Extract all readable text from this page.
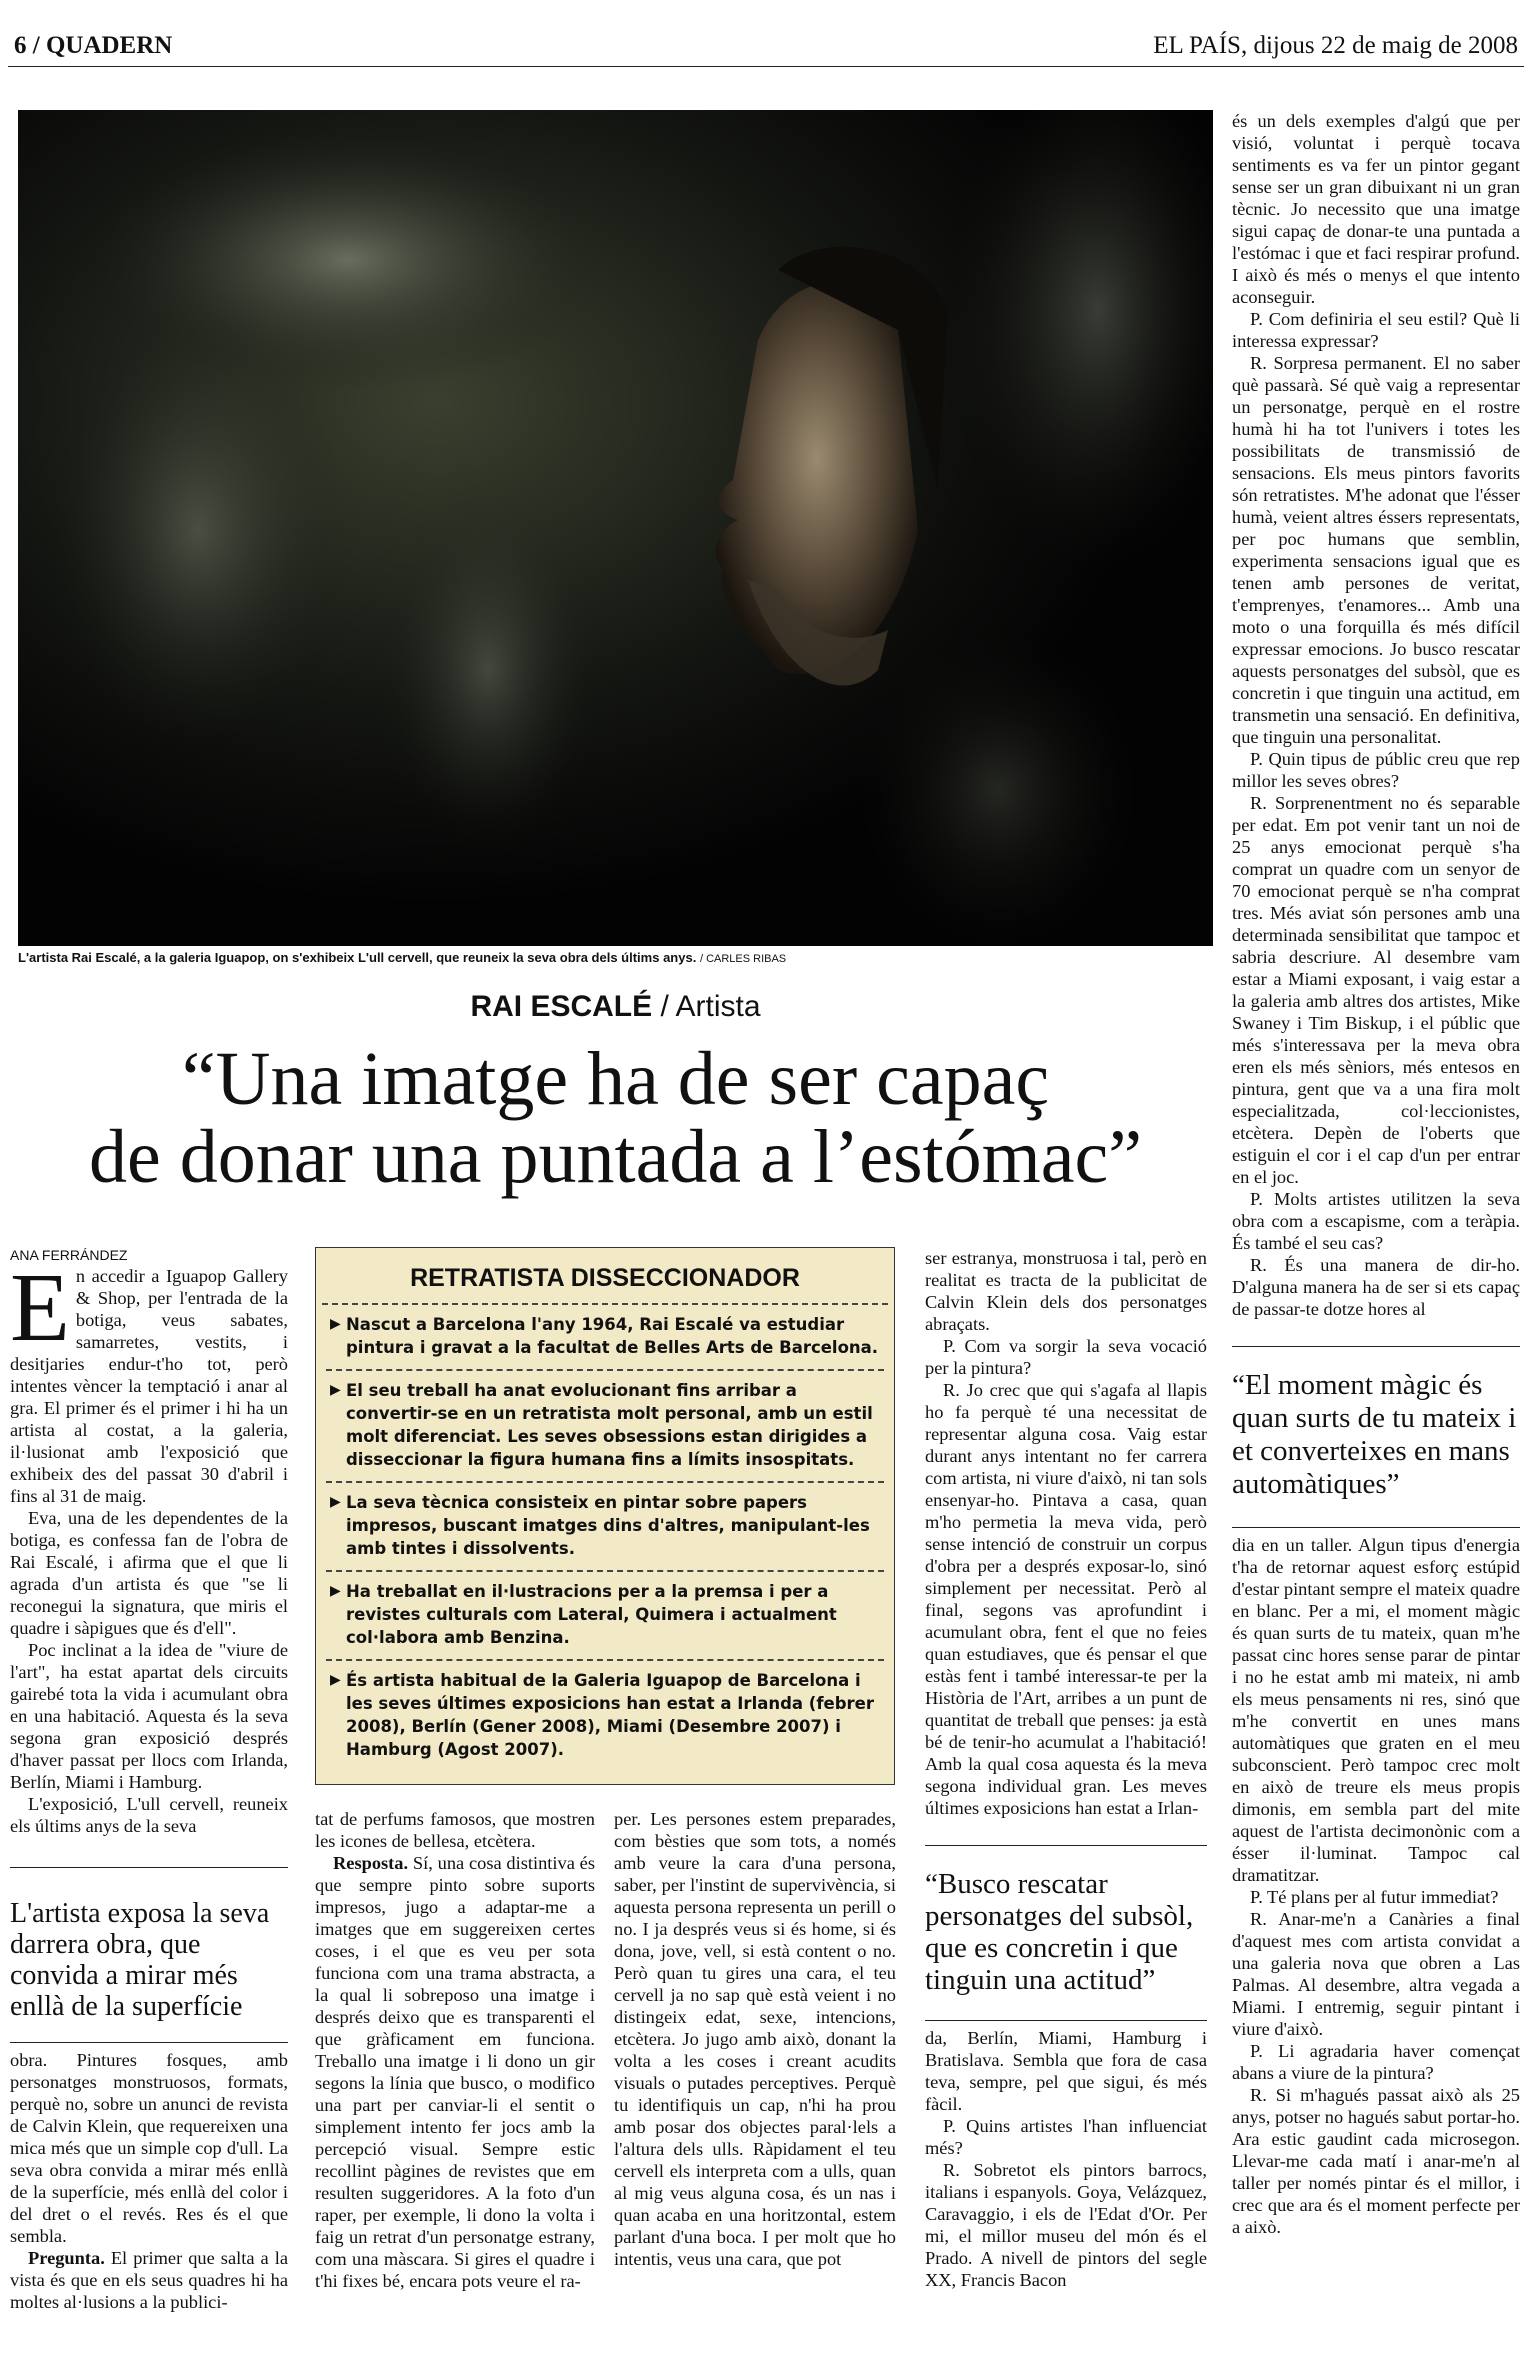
6 / QUADERN	EL PAÍS, dijous 22 de maig de 2008
L'artista Rai Escalé, a la galeria Iguapop, on s'exhibeix L'ull cervell, que reuneix la seva obra dels últims anys. / CARLES RIBAS
RAI ESCALÉ / Artista
“Una imatge ha de ser capaç
de donar una puntada a l’estómac”
ANA FERRÁNDEZ

En accedir a Iguapop Gallery & Shop, per l'entrada de la botiga, veus sabates, samarretes, vestits, i desitjaries endur-t'ho tot, però intentes vèncer la temptació i anar al gra. El primer és el primer i hi ha un artista al costat, a la galeria, il·lusionat amb l'exposició que exhibeix des del passat 30 d'abril i fins al 31 de maig.

Eva, una de les dependentes de la botiga, es confessa fan de l'obra de Rai Escalé, i afirma que el que li agrada d'un artista és que "se li reconegui la signatura, que miris el quadre i sàpigues que és d'ell".

Poc inclinat a la idea de "viure de l'art", ha estat apartat dels circuits gairebé tota la vida i acumulant obra en una habitació. Aquesta és la seva segona gran exposició després d'haver passat per llocs com Irlanda, Berlín, Miami i Hamburg.

L'exposició, L'ull cervell, reuneix els últims anys de la seva

L'artista exposa la seva darrera obra, que convida a mirar més enllà de la superfície

obra. Pintures fosques, amb personatges monstruosos, formats, perquè no, sobre un anunci de revista de Calvin Klein, que requereixen una mica més que un simple cop d'ull. La seva obra convida a mirar més enllà de la superfície, més enllà del color i del dret o el revés. Res és el que sembla.

Pregunta. El primer que salta a la vista és que en els seus quadres hi ha moltes al·lusions a la publici-

RETRATISTA DISSECCIONADOR
▶ Nascut a Barcelona l'any 1964, Rai Escalé va estudiar pintura i gravat a la facultat de Belles Arts de Barcelona.
▶ El seu treball ha anat evolucionant fins arribar a convertir-se en un retratista molt personal, amb un estil molt diferenciat. Les seves obsessions estan dirigides a disseccionar la figura humana fins a límits insospitats.
▶ La seva tècnica consisteix en pintar sobre papers impresos, buscant imatges dins d'altres, manipulant-les amb tintes i dissolvents.
▶ Ha treballat en il·lustracions per a la premsa i per a revistes culturals com Lateral, Quimera i actualment col·labora amb Benzina.
▶ És artista habitual de la Galeria Iguapop de Barcelona i les seves últimes exposicions han estat a Irlanda (febrer 2008), Berlín (Gener 2008), Miami (Desembre 2007) i Hamburg (Agost 2007).

tat de perfums famosos, que mostren les icones de bellesa, etcètera.

Resposta. Sí, una cosa distintiva és que sempre pinto sobre suports impresos, jugo a adaptar-me a imatges que em suggereixen certes coses, i el que es veu per sota funciona com una trama abstracta, a la qual li sobreposo una imatge i després deixo que es transparenti el que gràficament em funciona. Treballo una imatge i li dono un gir segons la línia que busco, o modifico una part per canviar-li el sentit o simplement intento fer jocs amb la percepció visual. Sempre estic recollint pàgines de revistes que em resulten suggeridores. A la foto d'un raper, per exemple, li dono la volta i faig un retrat d'un personatge estrany, com una màscara. Si gires el quadre i t'hi fixes bé, encara pots veure el ra-

per. Les persones estem preparades, com bèsties que som tots, a només amb veure la cara d'una persona, saber, per l'instint de supervivència, si aquesta persona representa un perill o no. I ja després veus si és home, si és dona, jove, vell, si està content o no. Però quan tu gires una cara, el teu cervell ja no sap què està veient i no distingeix edat, sexe, intencions, etcètera. Jo jugo amb això, donant la volta a les coses i creant acudits visuals o putades perceptives. Perquè tu identifiquis un cap, n'hi ha prou amb posar dos objectes paral·lels a l'altura dels ulls. Ràpidament el teu cervell els interpreta com a ulls, quan al mig veus alguna cosa, és un nas i quan acaba en una horitzontal, estem parlant d'una boca. I per molt que ho intentis, veus una cara, que pot

ser estranya, monstruosa i tal, però en realitat es tracta de la publicitat de Calvin Klein dels dos personatges abraçats.

P. Com va sorgir la seva vocació per la pintura?

R. Jo crec que qui s'agafa al llapis ho fa perquè té una necessitat de representar alguna cosa. Vaig estar durant anys intentant no fer carrera com artista, ni viure d'això, ni tan sols ensenyar-ho. Pintava a casa, quan m'ho permetia la meva vida, però sense intenció de construir un corpus d'obra per a després exposar-lo, sinó simplement per necessitat. Però al final, segons vas aprofundint i acumulant obra, fent el que no feies quan estudiaves, que és pensar el que estàs fent i també interessar-te per la Història de l'Art, arribes a un punt de quantitat de treball que penses: ja està bé de tenir-ho acumulat a l'habitació! Amb la qual cosa aquesta és la meva segona individual gran. Les meves últimes exposicions han estat a Irlan-

“Busco rescatar personatges del subsòl, que es concretin i que tinguin una actitud”

da, Berlín, Miami, Hamburg i Bratislava. Sembla que fora de casa teva, sempre, pel que sigui, és més fàcil.

P. Quins artistes l'han influenciat més?

R. Sobretot els pintors barrocs, italians i espanyols. Goya, Velázquez, Caravaggio, i els de l'Edat d'Or. Per mi, el millor museu del món és el Prado. A nivell de pintors del segle XX, Francis Bacon

és un dels exemples d'algú que per visió, voluntat i perquè tocava sentiments es va fer un pintor gegant sense ser un gran dibuixant ni un gran tècnic. Jo necessito que una imatge sigui capaç de donar-te una puntada a l'estómac i que et faci respirar profund. I això és més o menys el que intento aconseguir.

P. Com definiria el seu estil? Què li interessa expressar?

R. Sorpresa permanent. El no saber què passarà. Sé què vaig a representar un personatge, perquè en el rostre humà hi ha tot l'univers i totes les possibilitats de transmissió de sensacions. Els meus pintors favorits són retratistes. M'he adonat que l'ésser humà, veient altres éssers representats, per poc humans que semblin, experimenta sensacions igual que es tenen amb persones de veritat, t'emprenyes, t'enamores... Amb una moto o una forquilla és més difícil expressar emocions. Jo busco rescatar aquests personatges del subsòl, que es concretin i que tinguin una actitud, em transmetin una sensació. En definitiva, que tinguin una personalitat.

P. Quin tipus de públic creu que rep millor les seves obres?

R. Sorprenentment no és separable per edat. Em pot venir tant un noi de 25 anys emocionat perquè s'ha comprat un quadre com un senyor de 70 emocionat perquè se n'ha comprat tres. Més aviat són persones amb una determinada sensibilitat que tampoc et sabria descriure. Al desembre vam estar a Miami exposant, i vaig estar a la galeria amb altres dos artistes, Mike Swaney i Tim Biskup, i el públic que més s'interessava per la meva obra eren els més sèniors, més entesos en pintura, gent que va a una fira molt especialitzada, col·leccionistes, etcètera. Depèn de l'oberts que estiguin el cor i el cap d'un per entrar en el joc.

P. Molts artistes utilitzen la seva obra com a escapisme, com a teràpia. És també el seu cas?

R. És una manera de dir-ho. D'alguna manera ha de ser si ets capaç de passar-te dotze hores al

“El moment màgic és quan surts de tu mateix i et converteixes en mans automàtiques”

dia en un taller. Algun tipus d'energia t'ha de retornar aquest esforç estúpid d'estar pintant sempre el mateix quadre en blanc. Per a mi, el moment màgic és quan surts de tu mateix, quan m'he passat cinc hores sense parar de pintar i no he estat amb mi mateix, ni amb els meus pensaments ni res, sinó que m'he convertit en unes mans automàtiques que graten en el meu subconscient. Però tampoc crec molt en això de treure els meus propis dimonis, em sembla part del mite aquest de l'artista decimonònic com a ésser il·luminat. Tampoc cal dramatitzar.

P. Té plans per al futur immediat?

R. Anar-me'n a Canàries a final d'aquest mes com artista convidat a una galeria nova que obren a Las Palmas. Al desembre, altra vegada a Miami. I entremig, seguir pintant i viure d'això.

P. Li agradaria haver començat abans a viure de la pintura?

R. Si m'hagués passat això als 25 anys, potser no hagués sabut portar-ho. Ara estic gaudint cada microsegon. Llevar-me cada matí i anar-me'n al taller per només pintar és el millor, i crec que ara és el moment perfecte per a això.
